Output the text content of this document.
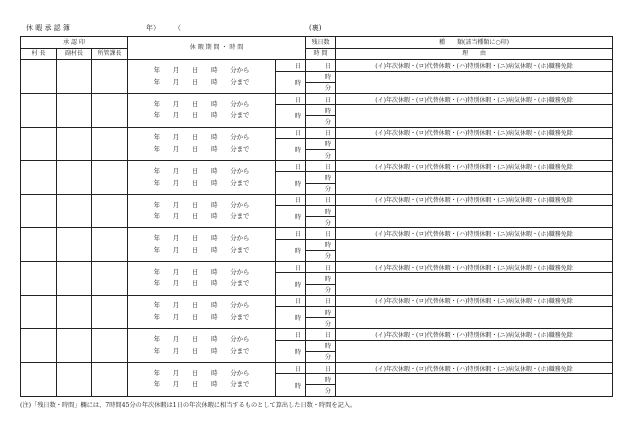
休 暇 承 認 簿	（
年）	(裏)
承 認 印			休 暇 期 間 ・ 時 間		残日数	種　　類(該当種類に○印)
村 長	副村長	所管課長			時 間	理　　由

			年　　月　　日　　時　　分から
年　　月　　日　　時　　分まで	日	日	(イ)年次休暇・(ロ)代替休暇・(ハ)特別休暇・(ニ)病気休暇・(ホ)職務免除
				時	時	
					分	

			年　　月　　日　　時　　分から
年　　月　　日　　時　　分まで	日	日	(イ)年次休暇・(ロ)代替休暇・(ハ)特別休暇・(ニ)病気休暇・(ホ)職務免除
				時	時	
					分	

			年　　月　　日　　時　　分から
年　　月　　日　　時　　分まで	日	日	(イ)年次休暇・(ロ)代替休暇・(ハ)特別休暇・(ニ)病気休暇・(ホ)職務免除
				時	時	
					分	

			年　　月　　日　　時　　分から
年　　月　　日　　時　　分まで	日	日	(イ)年次休暇・(ロ)代替休暇・(ハ)特別休暇・(ニ)病気休暇・(ホ)職務免除
				時	時	
					分	

			年　　月　　日　　時　　分から
年　　月　　日　　時　　分まで	日	日	(イ)年次休暇・(ロ)代替休暇・(ハ)特別休暇・(ニ)病気休暇・(ホ)職務免除
				時	時	
					分	

			年　　月　　日　　時　　分から
年　　月　　日　　時　　分まで	日	日	(イ)年次休暇・(ロ)代替休暇・(ハ)特別休暇・(ニ)病気休暇・(ホ)職務免除
				時	時	
					分	

			年　　月　　日　　時　　分から
年　　月　　日　　時　　分まで	日	日	(イ)年次休暇・(ロ)代替休暇・(ハ)特別休暇・(ニ)病気休暇・(ホ)職務免除
				時	時	
					分	

			年　　月　　日　　時　　分から
年　　月　　日　　時　　分まで	日	日	(イ)年次休暇・(ロ)代替休暇・(ハ)特別休暇・(ニ)病気休暇・(ホ)職務免除
				時	時	
					分	

			年　　月　　日　　時　　分から
年　　月　　日　　時　　分まで	日	日	(イ)年次休暇・(ロ)代替休暇・(ハ)特別休暇・(ニ)病気休暇・(ホ)職務免除
				時	時	
					分	

			年　　月　　日　　時　　分から
年　　月　　日　　時　　分まで	日	日	(イ)年次休暇・(ロ)代替休暇・(ハ)特別休暇・(ニ)病気休暇・(ホ)職務免除
				時	時	
					分	
(注)「残日数・時間」欄には、7時間45分の年次休暇は1日の年次休暇に相当するものとして算出した日数・時間を記入。
